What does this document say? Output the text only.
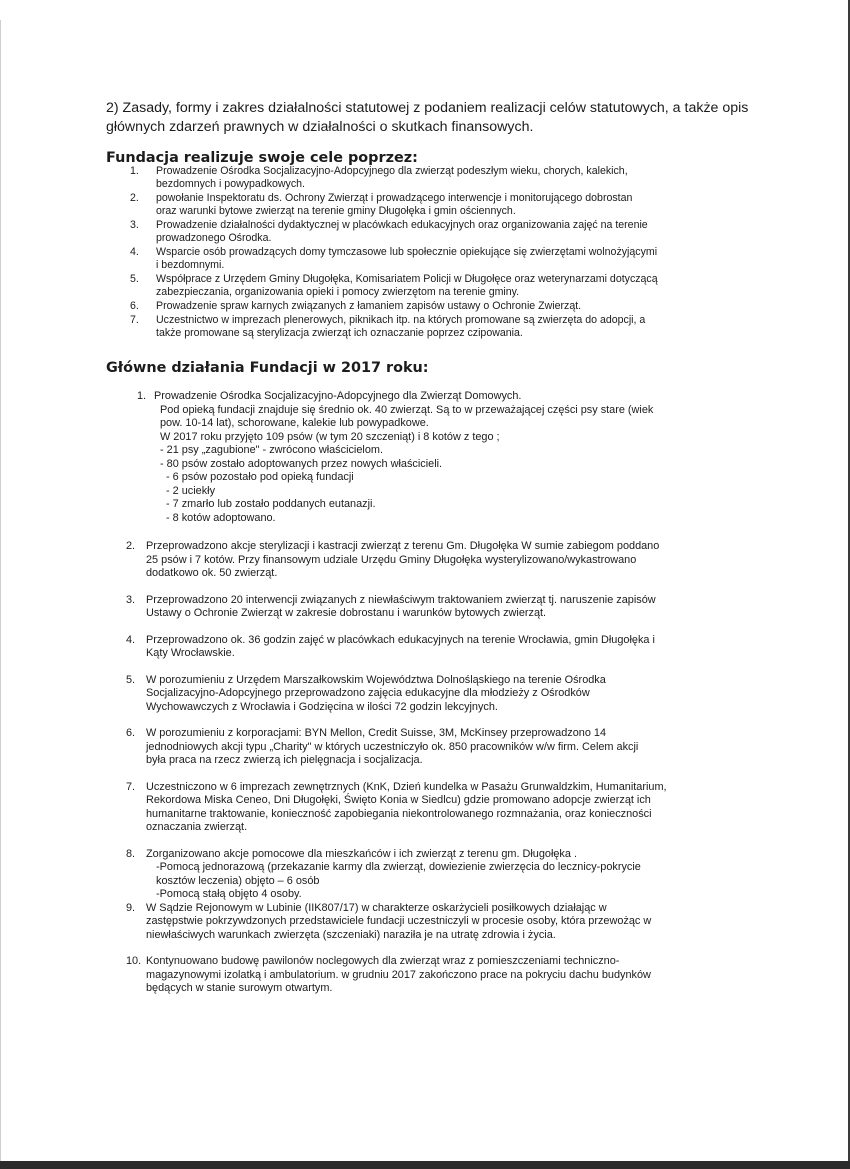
2) Zasady, formy i zakres działalności statutowej z podaniem realizacji celów statutowych, a także opis głównych zdarzeń prawnych w działalności o skutkach finansowych.

Fundacja realizuje swoje cele poprzez:
1. Prowadzenie Ośrodka Socjalizacyjno-Adopcyjnego dla zwierząt podeszłym wieku, chorych, kalekich,
bezdomnych i powypadkowych.
2. powołanie Inspektoratu ds. Ochrony Zwierząt i prowadzącego interwencje i monitorującego dobrostan
oraz warunki bytowe zwierząt na terenie gminy Długołęka i gmin ościennych.
3. Prowadzenie działalności dydaktycznej w placówkach edukacyjnych oraz organizowania zajęć na terenie
prowadzonego Ośrodka.
4. Wsparcie osób prowadzących domy tymczasowe lub społecznie opiekujące się zwierzętami wolnożyjącymi
i bezdomnymi.
5. Współprace z Urzędem Gminy Długołęka, Komisariatem Policji w Długołęce oraz weterynarzami dotyczącą
zabezpieczania, organizowania opieki i pomocy zwierzętom na terenie gminy.
6. Prowadzenie spraw karnych związanych z łamaniem zapisów ustawy o Ochronie Zwierząt.
7. Uczestnictwo w imprezach plenerowych, piknikach itp. na których promowane są zwierzęta do adopcji, a
także promowane są sterylizacja zwierząt ich oznaczanie poprzez czipowania.
Główne działania Fundacji w 2017 roku:
1. Prowadzenie Ośrodka Socjalizacyjno-Adopcyjnego dla Zwierząt Domowych.
Pod opieką fundacji znajduje się średnio ok. 40 zwierząt. Są to w przeważającej części psy stare (wiek
pow. 10-14 lat), schorowane, kalekie lub powypadkowe.
W 2017 roku przyjęto 109 psów (w tym 20 szczeniąt) i 8 kotów z tego ;
- 21 psy „zagubione" - zwrócono właścicielom.
- 80 psów zostało adoptowanych przez nowych właścicieli.
- 6 psów pozostało pod opieką fundacji
- 2 uciekły
- 7 zmarło lub zostało poddanych eutanazji.
- 8 kotów adoptowano.
2. Przeprowadzono akcje sterylizacji i kastracji zwierząt z terenu Gm. Długołęka W sumie zabiegom poddano
25 psów i 7 kotów. Przy finansowym udziale Urzędu Gminy Długołęka wysterylizowano/wykastrowano
dodatkowo ok. 50 zwierząt.
3. Przeprowadzono 20 interwencji związanych z niewłaściwym traktowaniem zwierząt tj. naruszenie zapisów
Ustawy o Ochronie Zwierząt w zakresie dobrostanu i warunków bytowych zwierząt.
4. Przeprowadzono ok. 36 godzin zajęć w placówkach edukacyjnych na terenie Wrocławia, gmin Długołęka i
Kąty Wrocławskie.
5. W porozumieniu z Urzędem Marszałkowskim Województwa Dolnośląskiego na terenie Ośrodka
Socjalizacyjno-Adopcyjnego przeprowadzono zajęcia edukacyjne dla młodzieży z Ośrodków
Wychowawczych z Wrocławia i Godzięcina w ilości 72 godzin lekcyjnych.
6. W porozumieniu z korporacjami: BYN Mellon, Credit Suisse, 3M, McKinsey przeprowadzono 14
jednodniowych akcji typu „Charity" w których uczestniczyło ok. 850 pracowników w/w firm. Celem akcji
była praca na rzecz zwierzą ich pielęgnacja i socjalizacja.
7. Uczestniczono w 6 imprezach zewnętrznych (KnK, Dzień kundelka w Pasażu Grunwaldzkim, Humanitarium,
Rekordowa Miska Ceneo, Dni Długołęki, Święto Konia w Siedlcu) gdzie promowano adopcje zwierząt ich
humanitarne traktowanie, konieczność zapobiegania niekontrolowanego rozmnażania, oraz konieczności
oznaczania zwierząt.
8. Zorganizowano akcje pomocowe dla mieszkańców i ich zwierząt z terenu gm. Długołęka .
-Pomocą jednorazową (przekazanie karmy dla zwierząt, dowiezienie zwierzęcia do lecznicy-pokrycie
kosztów leczenia) objęto – 6 osób
-Pomocą stałą objęto 4 osoby.
9. W Sądzie Rejonowym w Lubinie (IIK807/17) w charakterze oskarżycieli posiłkowych działając w
zastępstwie pokrzywdzonych przedstawiciele fundacji uczestniczyli w procesie osoby, która przewożąc w
niewłaściwych warunkach zwierzęta (szczeniaki) naraziła je na utratę zdrowia i życia.
10. Kontynuowano budowę pawilonów noclegowych dla zwierząt wraz z pomieszczeniami techniczno-
magazynowymi izolatką i ambulatorium. w grudniu 2017 zakończono prace na pokryciu dachu budynków
będących w stanie surowym otwartym.
